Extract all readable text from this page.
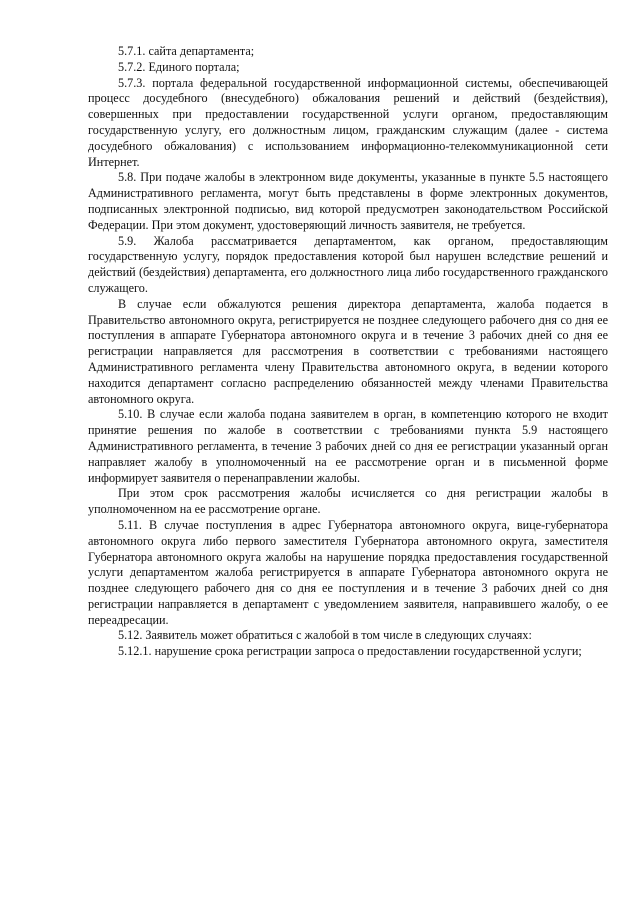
5.7.1. сайта департамента;

5.7.2. Единого портала;

5.7.3. портала федеральной государственной информационной системы, обеспечивающей процесс досудебного (внесудебного) обжалования решений и действий (бездействия), совершенных при предоставлении государственной услуги органом, предоставляющим государственную услугу, его должностным лицом, гражданским служащим (далее - система досудебного обжалования) с использованием информационно-телекоммуникационной сети Интернет.

5.8. При подаче жалобы в электронном виде документы, указанные в пункте 5.5 настоящего Административного регламента, могут быть представлены в форме электронных документов, подписанных электронной подписью, вид которой предусмотрен законодательством Российской Федерации. При этом документ, удостоверяющий личность заявителя, не требуется.

5.9. Жалоба рассматривается департаментом, как органом, предоставляющим государственную услугу, порядок предоставления которой был нарушен вследствие решений и действий (бездействия) департамента, его должностного лица либо государственного гражданского служащего.

В случае если обжалуются решения директора департамента, жалоба подается в Правительство автономного округа, регистрируется не позднее следующего рабочего дня со дня ее поступления в аппарате Губернатора автономного округа и в течение 3 рабочих дней со дня ее регистрации направляется для рассмотрения в соответствии с требованиями настоящего Административного регламента члену Правительства автономного округа, в ведении которого находится департамент согласно распределению обязанностей между членами Правительства автономного округа.

5.10. В случае если жалоба подана заявителем в орган, в компетенцию которого не входит принятие решения по жалобе в соответствии с требованиями пункта 5.9 настоящего Административного регламента, в течение 3 рабочих дней со дня ее регистрации указанный орган направляет жалобу в уполномоченный на ее рассмотрение орган и в письменной форме информирует заявителя о перенаправлении жалобы.

При этом срок рассмотрения жалобы исчисляется со дня регистрации жалобы в уполномоченном на ее рассмотрение органе.

5.11. В случае поступления в адрес Губернатора автономного округа, вице-губернатора автономного округа либо первого заместителя Губернатора автономного округа, заместителя Губернатора автономного округа жалобы на нарушение порядка предоставления государственной услуги департаментом жалоба регистрируется в аппарате Губернатора автономного округа не позднее следующего рабочего дня со дня ее поступления и в течение 3 рабочих дней со дня регистрации направляется в департамент с уведомлением заявителя, направившего жалобу, о ее переадресации.

5.12. Заявитель может обратиться с жалобой в том числе в следующих случаях:

5.12.1. нарушение срока регистрации запроса о предоставлении государственной услуги;
